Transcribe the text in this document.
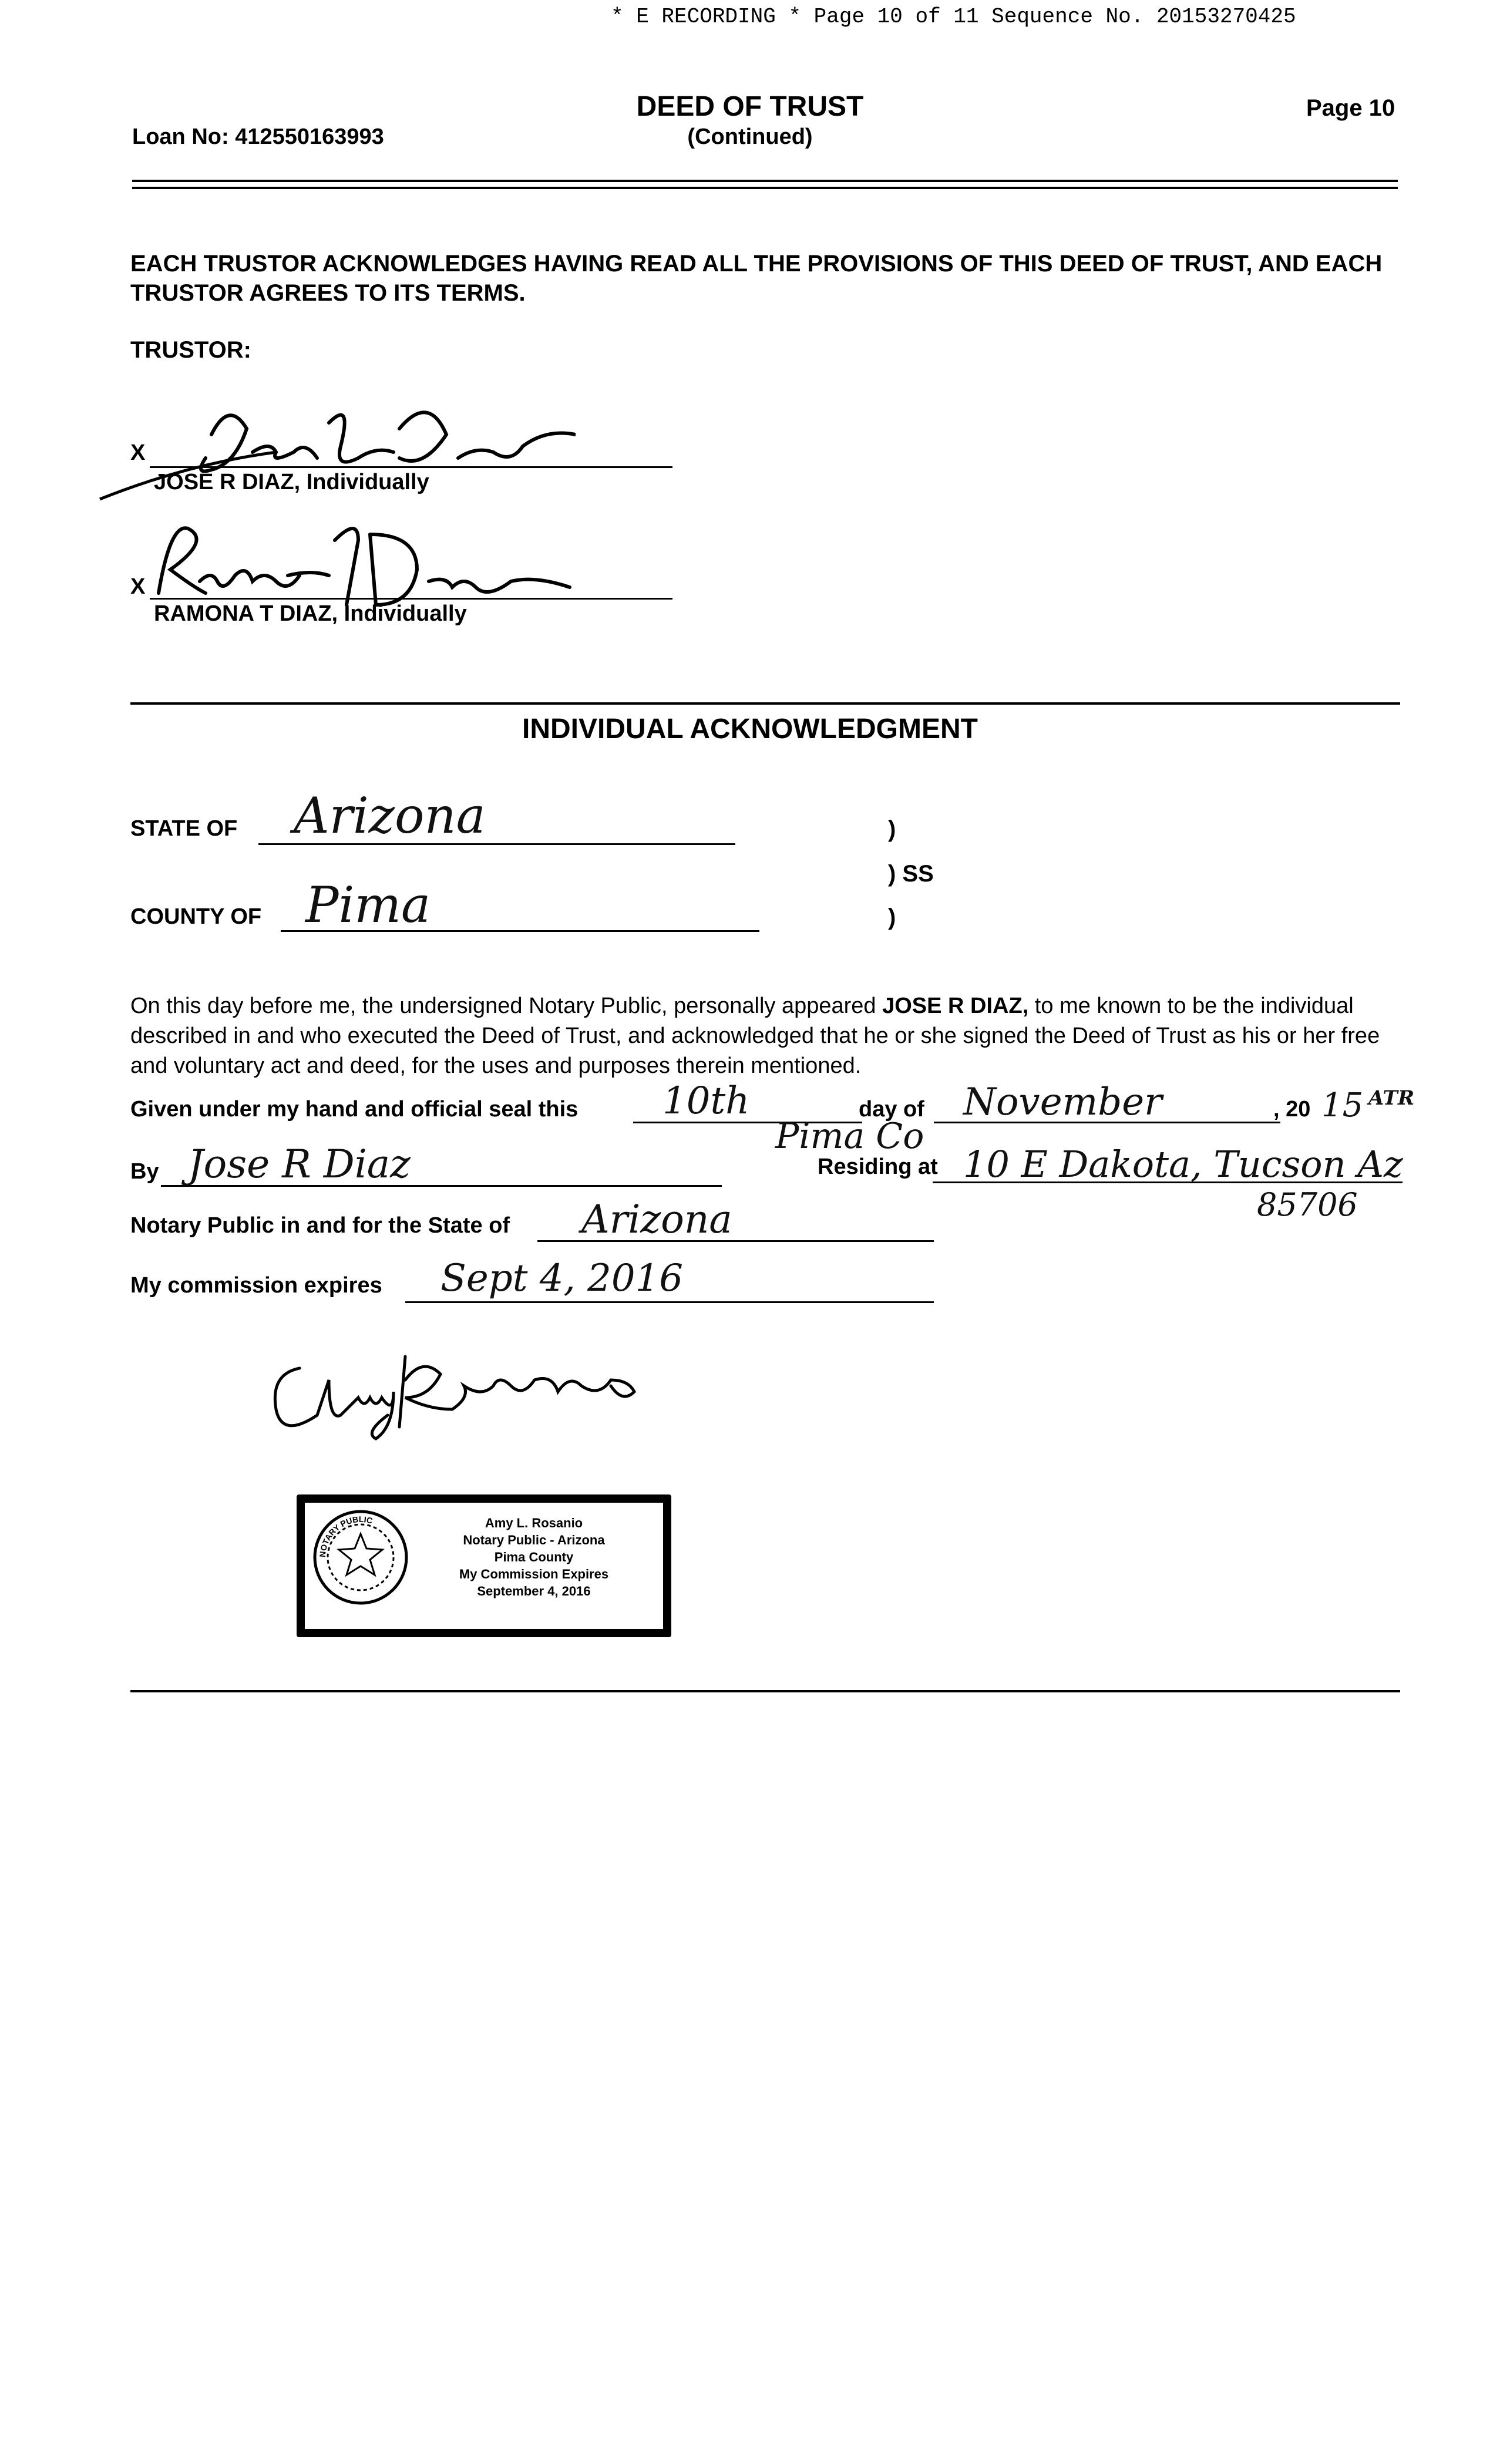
* E RECORDING * Page 10 of 11 Sequence No. 20153270425
Loan No: 412550163993
DEED OF TRUST
(Continued)
Page 10
EACH TRUSTOR ACKNOWLEDGES HAVING READ ALL THE PROVISIONS OF THIS DEED OF TRUST, AND EACH TRUSTOR AGREES TO ITS TERMS.
TRUSTOR:
X
JOSE R DIAZ, Individually
X
RAMONA T DIAZ, Individually
INDIVIDUAL ACKNOWLEDGMENT
STATE OF Arizona	)
) SS
COUNTY OF Pima	)
On this day before me, the undersigned Notary Public, personally appeared JOSE R DIAZ, to me known to be the individual described in and who executed the Deed of Trust, and acknowledged that he or she signed the Deed of Trust as his or her free and voluntary act and deed, for the uses and purposes therein mentioned.
Given under my hand and official seal this 10th	day of November	, 20 15 ATR
By Jose R Diaz
Pima Co
Residing at 10 E Dakota, Tucson Az
85706
Notary Public in and for the State of Arizona
My commission expires Sept 4, 2016
NOTARY PUBLIC	Amy L. Rosanio
Notary Public - Arizona
Pima County
My Commission Expires
September 4, 2016
